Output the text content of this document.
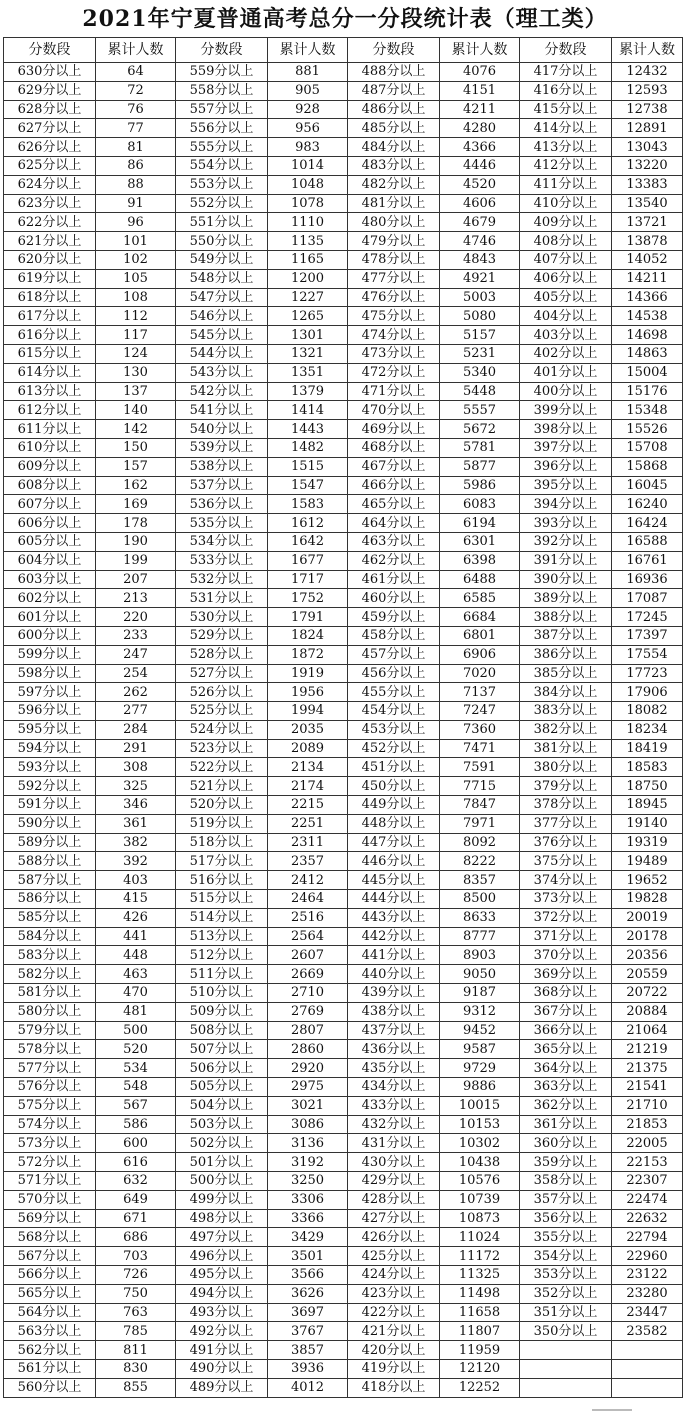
2021年宁夏普通高考总分一分段统计表（理工类）
分数段	累计人数	分数段	累计人数	分数段	累计人数	分数段	累计人数
630分以上	64	559分以上	881	488分以上	4076	417分以上	12432
629分以上	72	558分以上	905	487分以上	4151	416分以上	12593
628分以上	76	557分以上	928	486分以上	4211	415分以上	12738
627分以上	77	556分以上	956	485分以上	4280	414分以上	12891
626分以上	81	555分以上	983	484分以上	4366	413分以上	13043
625分以上	86	554分以上	1014	483分以上	4446	412分以上	13220
624分以上	88	553分以上	1048	482分以上	4520	411分以上	13383
623分以上	91	552分以上	1078	481分以上	4606	410分以上	13540
622分以上	96	551分以上	1110	480分以上	4679	409分以上	13721
621分以上	101	550分以上	1135	479分以上	4746	408分以上	13878
620分以上	102	549分以上	1165	478分以上	4843	407分以上	14052
619分以上	105	548分以上	1200	477分以上	4921	406分以上	14211
618分以上	108	547分以上	1227	476分以上	5003	405分以上	14366
617分以上	112	546分以上	1265	475分以上	5080	404分以上	14538
616分以上	117	545分以上	1301	474分以上	5157	403分以上	14698
615分以上	124	544分以上	1321	473分以上	5231	402分以上	14863
614分以上	130	543分以上	1351	472分以上	5340	401分以上	15004
613分以上	137	542分以上	1379	471分以上	5448	400分以上	15176
612分以上	140	541分以上	1414	470分以上	5557	399分以上	15348
611分以上	142	540分以上	1443	469分以上	5672	398分以上	15526
610分以上	150	539分以上	1482	468分以上	5781	397分以上	15708
609分以上	157	538分以上	1515	467分以上	5877	396分以上	15868
608分以上	162	537分以上	1547	466分以上	5986	395分以上	16045
607分以上	169	536分以上	1583	465分以上	6083	394分以上	16240
606分以上	178	535分以上	1612	464分以上	6194	393分以上	16424
605分以上	190	534分以上	1642	463分以上	6301	392分以上	16588
604分以上	199	533分以上	1677	462分以上	6398	391分以上	16761
603分以上	207	532分以上	1717	461分以上	6488	390分以上	16936
602分以上	213	531分以上	1752	460分以上	6585	389分以上	17087
601分以上	220	530分以上	1791	459分以上	6684	388分以上	17245
600分以上	233	529分以上	1824	458分以上	6801	387分以上	17397
599分以上	247	528分以上	1872	457分以上	6906	386分以上	17554
598分以上	254	527分以上	1919	456分以上	7020	385分以上	17723
597分以上	262	526分以上	1956	455分以上	7137	384分以上	17906
596分以上	277	525分以上	1994	454分以上	7247	383分以上	18082
595分以上	284	524分以上	2035	453分以上	7360	382分以上	18234
594分以上	291	523分以上	2089	452分以上	7471	381分以上	18419
593分以上	308	522分以上	2134	451分以上	7591	380分以上	18583
592分以上	325	521分以上	2174	450分以上	7715	379分以上	18750
591分以上	346	520分以上	2215	449分以上	7847	378分以上	18945
590分以上	361	519分以上	2251	448分以上	7971	377分以上	19140
589分以上	382	518分以上	2311	447分以上	8092	376分以上	19319
588分以上	392	517分以上	2357	446分以上	8222	375分以上	19489
587分以上	403	516分以上	2412	445分以上	8357	374分以上	19652
586分以上	415	515分以上	2464	444分以上	8500	373分以上	19828
585分以上	426	514分以上	2516	443分以上	8633	372分以上	20019
584分以上	441	513分以上	2564	442分以上	8777	371分以上	20178
583分以上	448	512分以上	2607	441分以上	8903	370分以上	20356
582分以上	463	511分以上	2669	440分以上	9050	369分以上	20559
581分以上	470	510分以上	2710	439分以上	9187	368分以上	20722
580分以上	481	509分以上	2769	438分以上	9312	367分以上	20884
579分以上	500	508分以上	2807	437分以上	9452	366分以上	21064
578分以上	520	507分以上	2860	436分以上	9587	365分以上	21219
577分以上	534	506分以上	2920	435分以上	9729	364分以上	21375
576分以上	548	505分以上	2975	434分以上	9886	363分以上	21541
575分以上	567	504分以上	3021	433分以上	10015	362分以上	21710
574分以上	586	503分以上	3086	432分以上	10153	361分以上	21853
573分以上	600	502分以上	3136	431分以上	10302	360分以上	22005
572分以上	616	501分以上	3192	430分以上	10438	359分以上	22153
571分以上	632	500分以上	3250	429分以上	10576	358分以上	22307
570分以上	649	499分以上	3306	428分以上	10739	357分以上	22474
569分以上	671	498分以上	3366	427分以上	10873	356分以上	22632
568分以上	686	497分以上	3429	426分以上	11024	355分以上	22794
567分以上	703	496分以上	3501	425分以上	11172	354分以上	22960
566分以上	726	495分以上	3566	424分以上	11325	353分以上	23122
565分以上	750	494分以上	3626	423分以上	11498	352分以上	23280
564分以上	763	493分以上	3697	422分以上	11658	351分以上	23447
563分以上	785	492分以上	3767	421分以上	11807	350分以上	23582
562分以上	811	491分以上	3857	420分以上	11959		
561分以上	830	490分以上	3936	419分以上	12120		
560分以上	855	489分以上	4012	418分以上	12252		
